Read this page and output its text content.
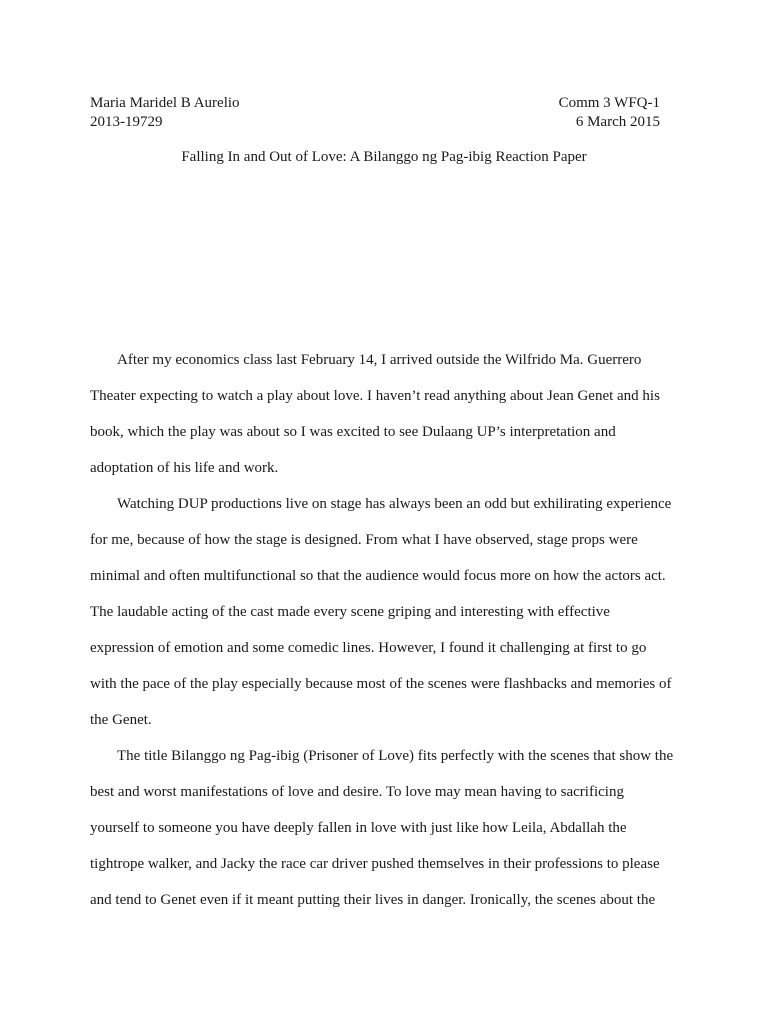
Maria Maridel B Aurelio	Comm 3 WFQ-1
2013-19729	6 March 2015
Falling In and Out of Love: A Bilanggo ng Pag-ibig Reaction Paper
After my economics class last February 14, I arrived outside the Wilfrido Ma. Guerrero
Theater expecting to watch a play about love. I haven’t read anything about Jean Genet and his
book, which the play was about so I was excited to see Dulaang UP’s interpretation and
adoptation of his life and work.
Watching DUP productions live on stage has always been an odd but exhilirating experience
for me, because of how the stage is designed. From what I have observed, stage props were
minimal and often multifunctional so that the audience would focus more on how the actors act.
The laudable acting of the cast made every scene griping and interesting with effective
expression of emotion and some comedic lines. However, I found it challenging at first to go
with the pace of the play especially because most of the scenes were flashbacks and memories of
the Genet.
The title Bilanggo ng Pag-ibig (Prisoner of Love) fits perfectly with the scenes that show the
best and worst manifestations of love and desire. To love may mean having to sacrificing
yourself to someone you have deeply fallen in love with just like how Leila, Abdallah the
tightrope walker, and Jacky the race car driver pushed themselves in their professions to please
and tend to Genet even if it meant putting their lives in danger. Ironically, the scenes about the
